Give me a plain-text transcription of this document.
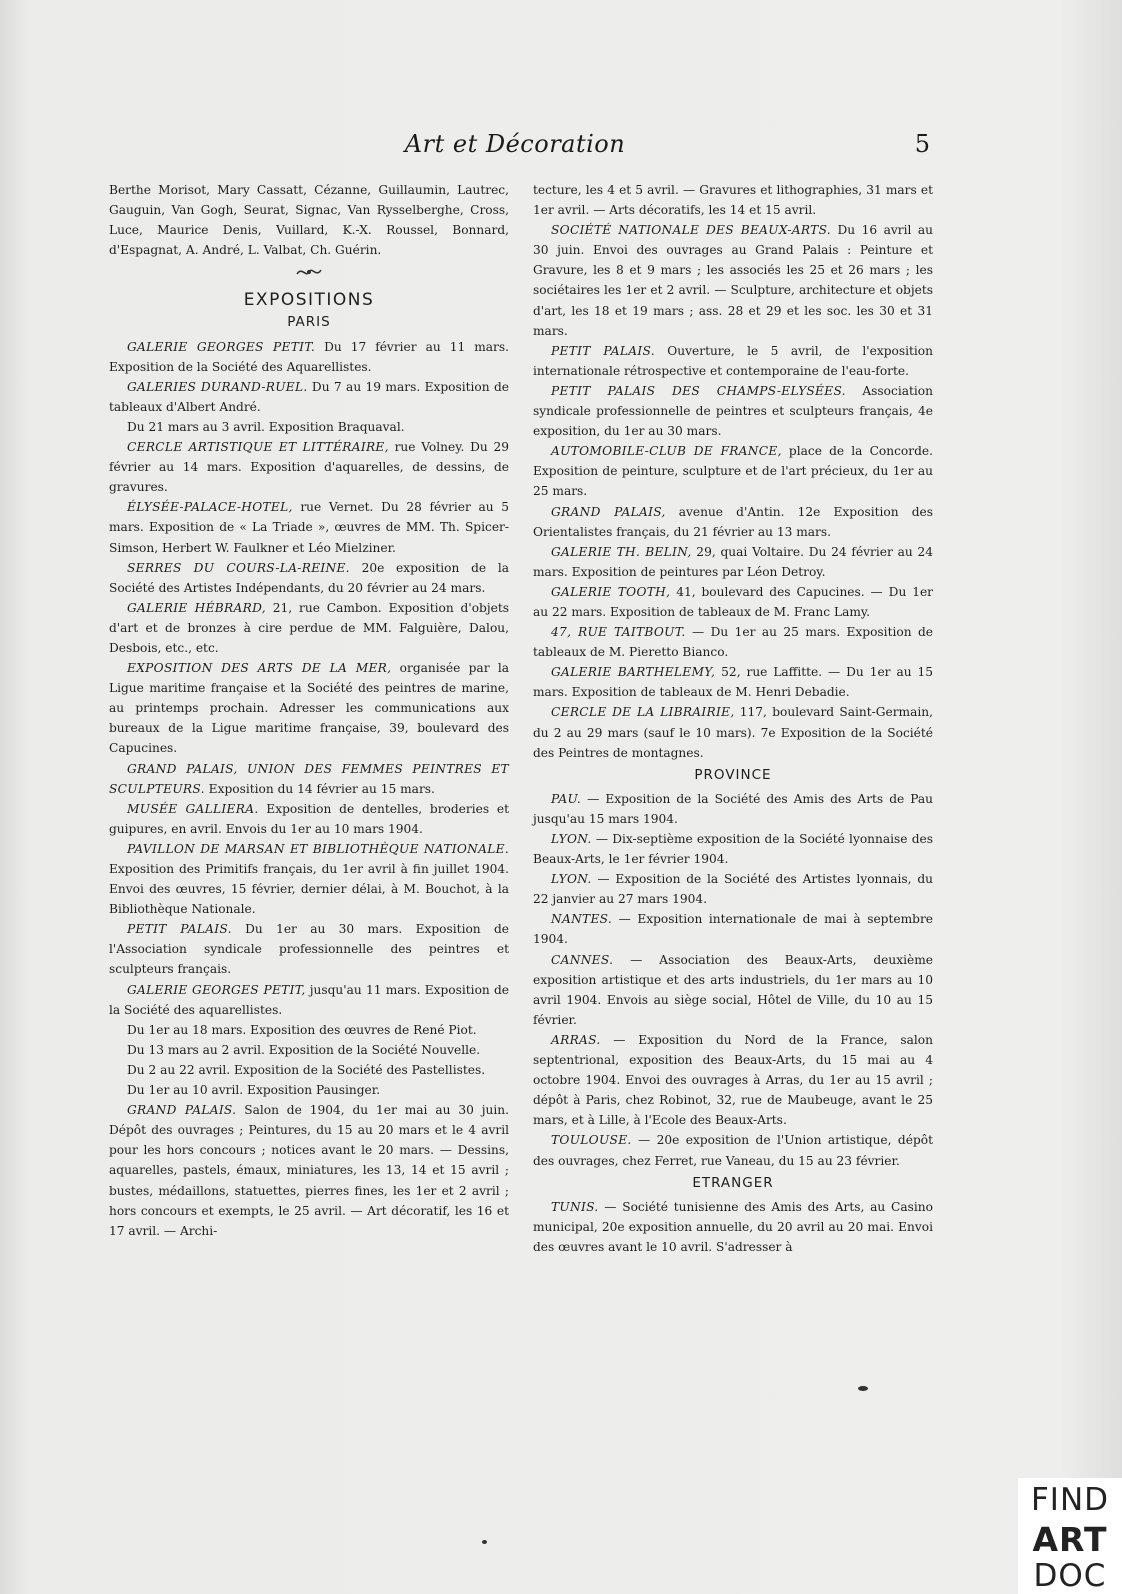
Art et Décoration	5

Berthe Morisot, Mary Cassatt, Cézanne, Guillaumin, Lautrec, Gauguin, Van Gogh, Seurat, Signac, Van Rysselberghe, Cross, Luce, Maurice Denis, Vuillard, K.-X. Roussel, Bonnard, d'Espagnat, A. André, L. Valbat, Ch. Guérin.

EXPOSITIONS
PARIS

GALERIE GEORGES PETIT. Du 17 février au 11 mars. Exposition de la Société des Aquarellistes.

GALERIES DURAND-RUEL. Du 7 au 19 mars. Exposition de tableaux d'Albert André.

Du 21 mars au 3 avril. Exposition Braquaval.

CERCLE ARTISTIQUE ET LITTÉRAIRE, rue Volney. Du 29 février au 14 mars. Exposition d'aquarelles, de dessins, de gravures.

ÉLYSÉE-PALACE-HOTEL, rue Vernet. Du 28 février au 5 mars. Exposition de « La Triade », œuvres de MM. Th. Spicer-Simson, Herbert W. Faulkner et Léo Mielziner.

SERRES DU COURS-LA-REINE. 20e exposition de la Société des Artistes Indépendants, du 20 février au 24 mars.

GALERIE HÉBRARD, 21, rue Cambon. Exposition d'objets d'art et de bronzes à cire perdue de MM. Falguière, Dalou, Desbois, etc., etc.

EXPOSITION DES ARTS DE LA MER, organisée par la Ligue maritime française et la Société des peintres de marine, au printemps prochain. Adresser les communications aux bureaux de la Ligue maritime française, 39, boulevard des Capucines.

GRAND PALAIS, UNION DES FEMMES PEINTRES ET SCULPTEURS. Exposition du 14 février au 15 mars.

MUSÉE GALLIERA. Exposition de dentelles, broderies et guipures, en avril. Envois du 1er au 10 mars 1904.

PAVILLON DE MARSAN ET BIBLIOTHÈQUE NATIONALE. Exposition des Primitifs français, du 1er avril à fin juillet 1904. Envoi des œuvres, 15 février, dernier délai, à M. Bouchot, à la Bibliothèque Nationale.

PETIT PALAIS. Du 1er au 30 mars. Exposition de l'Association syndicale professionnelle des peintres et sculpteurs français.

GALERIE GEORGES PETIT, jusqu'au 11 mars. Exposition de la Société des aquarellistes.

Du 1er au 18 mars. Exposition des œuvres de René Piot.

Du 13 mars au 2 avril. Exposition de la Société Nouvelle.

Du 2 au 22 avril. Exposition de la Société des Pastellistes.

Du 1er au 10 avril. Exposition Pausinger.

GRAND PALAIS. Salon de 1904, du 1er mai au 30 juin. Dépôt des ouvrages ; Peintures, du 15 au 20 mars et le 4 avril pour les hors concours ; notices avant le 20 mars. — Dessins, aquarelles, pastels, émaux, miniatures, les 13, 14 et 15 avril ; bustes, médaillons, statuettes, pierres fines, les 1er et 2 avril ; hors concours et exempts, le 25 avril. — Art décoratif, les 16 et 17 avril. — Archi-

tecture, les 4 et 5 avril. — Gravures et lithographies, 31 mars et 1er avril. — Arts décoratifs, les 14 et 15 avril.

SOCIÉTÉ NATIONALE DES BEAUX-ARTS. Du 16 avril au 30 juin. Envoi des ouvrages au Grand Palais : Peinture et Gravure, les 8 et 9 mars ; les associés les 25 et 26 mars ; les sociétaires les 1er et 2 avril. — Sculpture, architecture et objets d'art, les 18 et 19 mars ; ass. 28 et 29 et les soc. les 30 et 31 mars.

PETIT PALAIS. Ouverture, le 5 avril, de l'exposition internationale rétrospective et contemporaine de l'eau-forte.

PETIT PALAIS DES CHAMPS-ELYSÉES. Association syndicale professionnelle de peintres et sculpteurs français, 4e exposition, du 1er au 30 mars.

AUTOMOBILE-CLUB DE FRANCE, place de la Concorde. Exposition de peinture, sculpture et de l'art précieux, du 1er au 25 mars.

GRAND PALAIS, avenue d'Antin. 12e Exposition des Orientalistes français, du 21 février au 13 mars.

GALERIE TH. BELIN, 29, quai Voltaire. Du 24 février au 24 mars. Exposition de peintures par Léon Detroy.

GALERIE TOOTH, 41, boulevard des Capucines. — Du 1er au 22 mars. Exposition de tableaux de M. Franc Lamy.

47, RUE TAITBOUT. — Du 1er au 25 mars. Exposition de tableaux de M. Pieretto Bianco.

GALERIE BARTHELEMY, 52, rue Laffitte. — Du 1er au 15 mars. Exposition de tableaux de M. Henri Debadie.

CERCLE DE LA LIBRAIRIE, 117, boulevard Saint-Germain, du 2 au 29 mars (sauf le 10 mars). 7e Exposition de la Société des Peintres de montagnes.

PROVINCE

PAU. — Exposition de la Société des Amis des Arts de Pau jusqu'au 15 mars 1904.

LYON. — Dix-septième exposition de la Société lyonnaise des Beaux-Arts, le 1er février 1904.

LYON. — Exposition de la Société des Artistes lyonnais, du 22 janvier au 27 mars 1904.

NANTES. — Exposition internationale de mai à septembre 1904.

CANNES. — Association des Beaux-Arts, deuxième exposition artistique et des arts industriels, du 1er mars au 10 avril 1904. Envois au siège social, Hôtel de Ville, du 10 au 15 février.

ARRAS. — Exposition du Nord de la France, salon septentrional, exposition des Beaux-Arts, du 15 mai au 4 octobre 1904. Envoi des ouvrages à Arras, du 1er au 15 avril ; dépôt à Paris, chez Robinot, 32, rue de Maubeuge, avant le 25 mars, et à Lille, à l'Ecole des Beaux-Arts.

TOULOUSE. — 20e exposition de l'Union artistique, dépôt des ouvrages, chez Ferret, rue Vaneau, du 15 au 23 février.

ETRANGER

TUNIS. — Société tunisienne des Amis des Arts, au Casino municipal, 20e exposition annuelle, du 20 avril au 20 mai. Envoi des œuvres avant le 10 avril. S'adresser à

FIND
ART
DOC
